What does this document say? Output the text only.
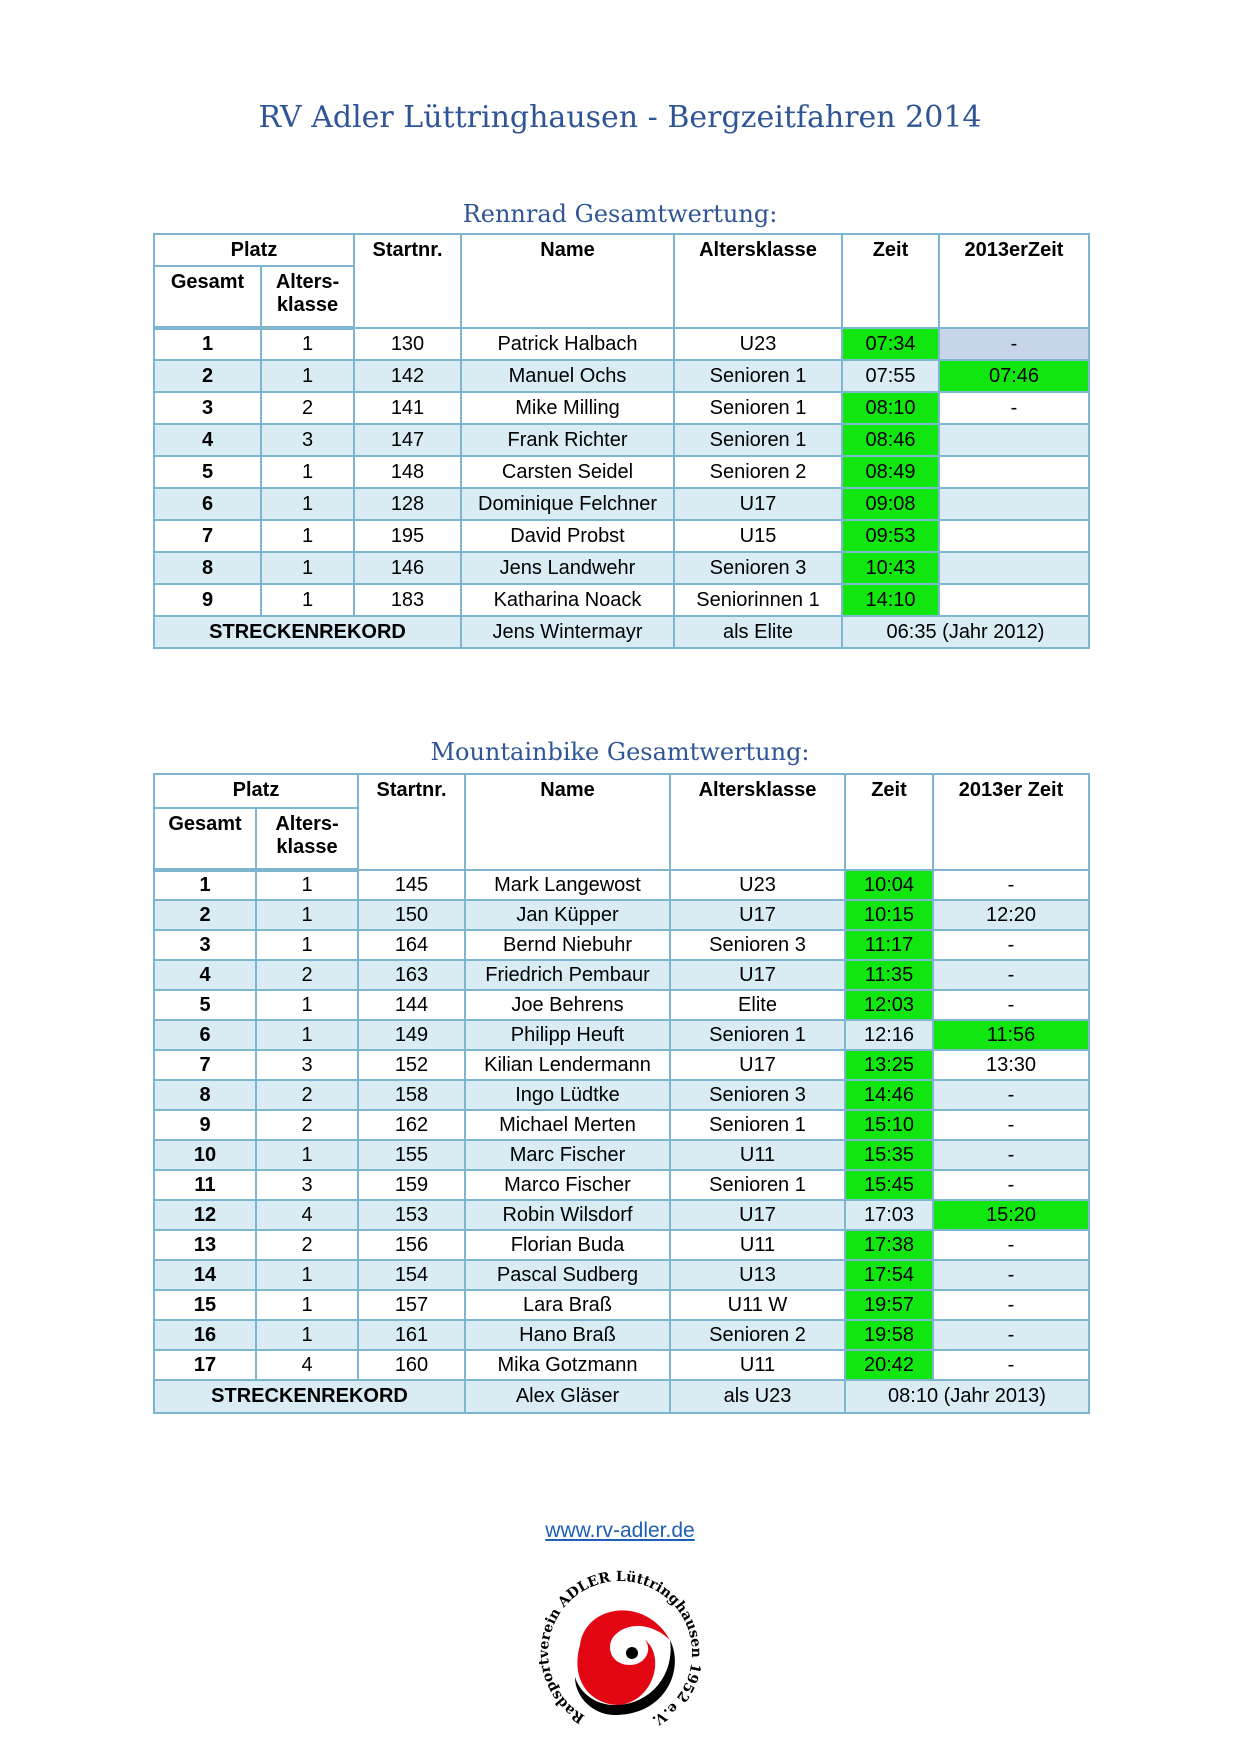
RV Adler Lüttringhausen - Bergzeitfahren 2014
Rennrad Gesamtwertung:
Platz		Startnr.	Name	Altersklasse	Zeit	2013erZeit
Gesamt	Alters-
klasse					
1	1	130	Patrick Halbach	U23	07:34	-
2	1	142	Manuel Ochs	Senioren 1	07:55	07:46
3	2	141	Mike Milling	Senioren 1	08:10	-
4	3	147	Frank Richter	Senioren 1	08:46	
5	1	148	Carsten Seidel	Senioren 2	08:49	
6	1	128	Dominique Felchner	U17	09:08	
7	1	195	David Probst	U15	09:53	
8	1	146	Jens Landwehr	Senioren 3	10:43	
9	1	183	Katharina Noack	Seniorinnen 1	14:10	
STRECKENREKORD			Jens Wintermayr	als Elite	06:35 (Jahr 2012)	
Mountainbike Gesamtwertung:
Platz		Startnr.	Name	Altersklasse	Zeit	2013er Zeit
Gesamt	Alters-
klasse					
1	1	145	Mark Langewost	U23	10:04	-
2	1	150	Jan Küpper	U17	10:15	12:20
3	1	164	Bernd Niebuhr	Senioren 3	11:17	-
4	2	163	Friedrich Pembaur	U17	11:35	-
5	1	144	Joe Behrens	Elite	12:03	-
6	1	149	Philipp Heuft	Senioren 1	12:16	11:56
7	3	152	Kilian Lendermann	U17	13:25	13:30
8	2	158	Ingo Lüdtke	Senioren 3	14:46	-
9	2	162	Michael Merten	Senioren 1	15:10	-
10	1	155	Marc Fischer	U11	15:35	-
11	3	159	Marco Fischer	Senioren 1	15:45	-
12	4	153	Robin Wilsdorf	U17	17:03	15:20
13	2	156	Florian Buda	U11	17:38	-
14	1	154	Pascal Sudberg	U13	17:54	-
15	1	157	Lara Braß	U11 W	19:57	-
16	1	161	Hano Braß	Senioren 2	19:58	-
17	4	160	Mika Gotzmann	U11	20:42	-
STRECKENREKORD			Alex Gläser	als U23	08:10 (Jahr 2013)	
www.rv-adler.de
Radsportverein ADLER Lüttringhausen 1952 e.V.
